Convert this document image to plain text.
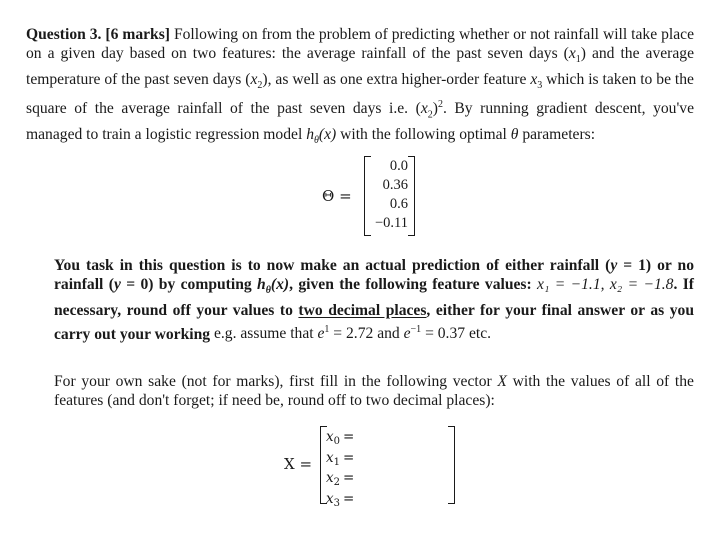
Question 3. [6 marks] Following on from the problem of predicting whether or not rainfall will take place on a given day based on two features: the average rainfall of the past seven days $(x_1)$ and the average temperature of the past seven days $(x_2)$, as well as one extra higher-order feature $x_3$ which is taken to be the square of the average rainfall of the past seven days i.e. $(x_2)^2$. By running gradient descent, you've managed to train a logistic regression model $h_\theta(x)$ with the following optimal θ parameters:

Θ =
0.0
0.36
0.6
−0.11

You task in this question is to now make an actual prediction of either rainfall (y = 1) or no rainfall (y = 0) by computing $h_\theta(x)$, given the following feature values: x₁ = −1.1, x₂ = −1.8. If necessary, round off your values to two decimal places, either for your final answer or as you carry out your working e.g. assume that $e^1 = 2.72$ and $e^{-1} = 0.37$ etc.

For your own sake (not for marks), first fill in the following vector X with the values of all of the features (and don't forget; if need be, round off to two decimal places):

X =
$x_0$ =
$x_1$ =
$x_2$ =
$x_3$ =
